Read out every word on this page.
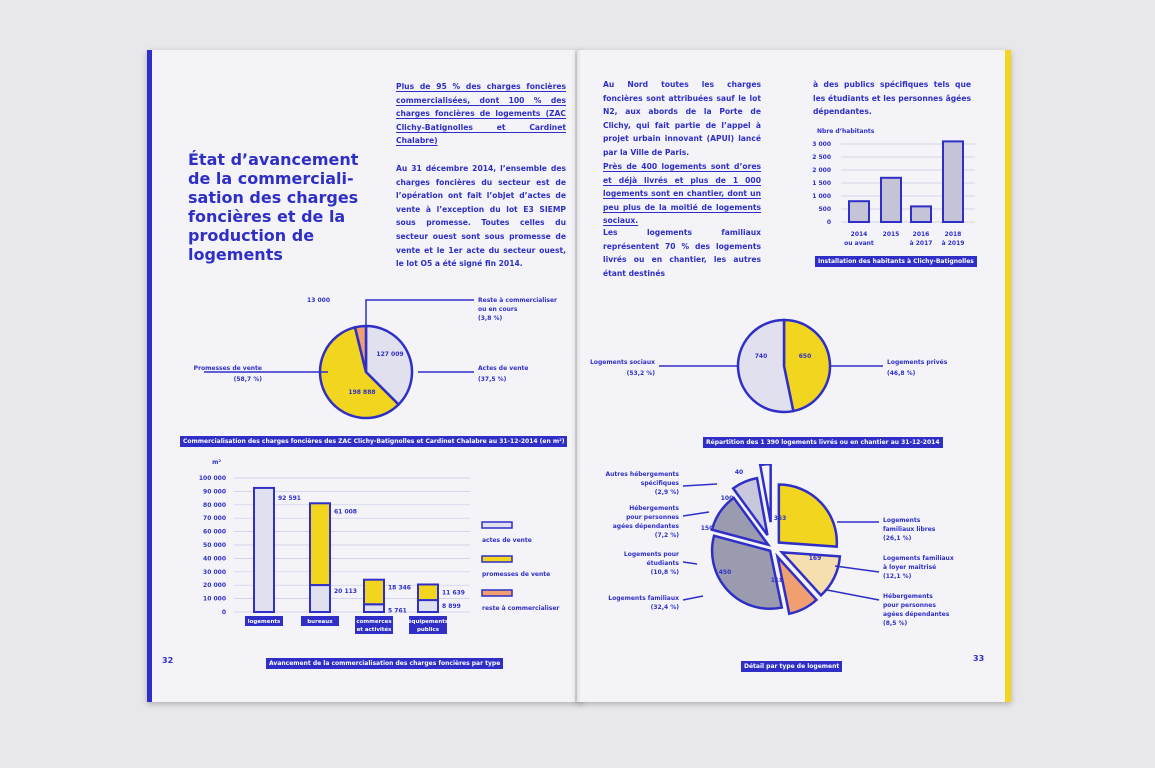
État d’avancement de la commerciali-sation des charges foncières et de la production de logements
Plus de 95 % des charges foncières commercialisées, dont 100 % des charges foncières de logements (ZAC Clichy-Batignolles et Cardinet Chalabre)
Au 31 décembre 2014, l’ensemble des charges foncières du secteur est de l’opération ont fait l’objet d’actes de vente à l’exception du lot E3 SIEMP sous promesse. Toutes celles du secteur ouest sont sous promesse de vente et le 1er acte du secteur ouest, le lot O5 a été signé fin 2014.
13 000
198 888
127 009
Reste à commercialiser
ou en cours
(3,8 %)
Promesses de vente
(58,7 %)
Actes de vente
(37,5 %)
Commercialisation des charges foncières des ZAC Clichy-Batignolles et Cardinet Chalabre au 31-12-2014 (en m²)
m²
0
10 000
20 000
30 000
40 000
50 000
60 000
70 000
80 000
90 000
100 000
92 591
logements
61 008
20 113
bureaux
18 346
5 761
commerces
et activités
11 639
8 899
équipements
publics
actes de vente
promesses de vente
reste à commercialiser
Avancement de la commercialisation des charges foncières par type
32
Au Nord toutes les charges foncières sont attribuées sauf le lot N2, aux abords de la Porte de Clichy, qui fait partie de l’appel à projet urbain innovant (APUI) lancé par la Ville de Paris.
Près de 400 logements sont d’ores et déjà livrés et plus de 1 000 logements sont en chantier, dont un peu plus de la moitié de logements sociaux.
Les logements familiaux représentent 70 % des logements livrés ou en chantier, les autres étant destinés
à des publics spécifiques tels que les étudiants et les personnes âgées dépendantes.
Nbre d’habitants
0
500
1 000
1 500
2 000
2 500
3 000
2014
ou avant
2015 2016
à 2017
2018
à 2019
Installation des habitants à Clichy-Batignolles
Logements sociaux
(53,2 %)
Logements privés
(46,8 %)
740	650
Répartition des 1 390 logements livrés ou en chantier au 31-12-2014
363
169
118
450
150
100
40
Autres hébergements
spécifiques
(2,9 %)
Hébergements
pour personnes
agées dépendantes
(7,2 %)
Logements pour
étudiants
(10,8 %)
Logements familiaux
(32,4 %)
Logements
familiaux libres
(26,1 %)
Logements familiaux
à loyer maîtrisé
(12,1 %)
Hébergements
pour personnes
agées dépendantes
(8,5 %)
Détail par type de logement
33
